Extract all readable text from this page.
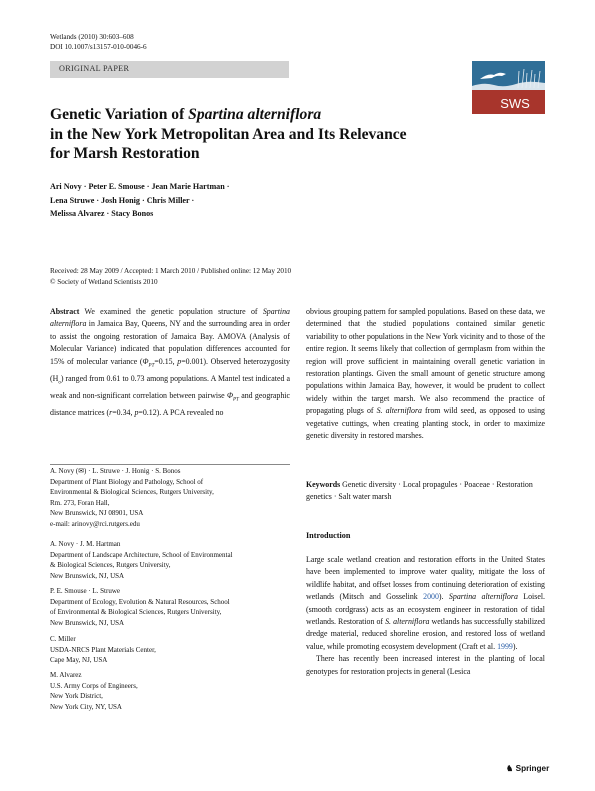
Wetlands (2010) 30:603–608
DOI 10.1007/s13157-010-0046-6
ORIGINAL PAPER
SWS
Genetic Variation of Spartina alterniflora
in the New York Metropolitan Area and Its Relevance
for Marsh Restoration
Ari Novy · Peter E. Smouse · Jean Marie Hartman ·
Lena Struwe · Josh Honig · Chris Miller ·
Melissa Alvarez · Stacy Bonos
Received: 28 May 2009 / Accepted: 1 March 2010 / Published online: 12 May 2010
© Society of Wetland Scientists 2010
Abstract We examined the genetic population structure of Spartina alterniflora in Jamaica Bay, Queens, NY and the surrounding area in order to assist the ongoing restoration of Jamaica Bay. AMOVA (Analysis of Molecular Variance) indicated that population differences accounted for 15% of molecular variance ($\Phi_{PT}=0.15$, p=0.001). Observed heterozygosity $(H_o)$ ranged from 0.61 to 0.73 among populations. A Mantel test indicated a weak and non-significant correlation between pairwise $\Phi_{PT}$ and geographic distance matrices (r=0.34, p=0.12). A PCA revealed no
obvious grouping pattern for sampled populations. Based on these data, we determined that the studied populations contained similar genetic variability to other populations in the New York vicinity and to those of the entire region. It seems likely that collection of germplasm from within the region will prove sufficient in maintaining overall genetic variation in restoration plantings. Given the small amount of genetic structure among populations within Jamaica Bay, however, it would be prudent to collect widely within the target marsh. We also recommend the practice of propagating plugs of S. alterniflora from wild seed, as opposed to using vegetative cuttings, when creating planting stock, in order to maximize genetic diversity in restored marshes.
A. Novy (✉) · L. Struwe · J. Honig · S. Bonos
Department of Plant Biology and Pathology, School of
Environmental & Biological Sciences, Rutgers University,
Rm. 273, Foran Hall,
New Brunswick, NJ 08901, USA
e-mail: arinovy@rci.rutgers.edu
A. Novy · J. M. Hartman
Department of Landscape Architecture, School of Environmental
& Biological Sciences, Rutgers University,
New Brunswick, NJ, USA
P. E. Smouse · L. Struwe
Department of Ecology, Evolution & Natural Resources, School
of Environmental & Biological Sciences, Rutgers University,
New Brunswick, NJ, USA
C. Miller
USDA-NRCS Plant Materials Center,
Cape May, NJ, USA
M. Alvarez
U.S. Army Corps of Engineers,
New York District,
New York City, NY, USA
Keywords Genetic diversity · Local propagules · Poaceae · Restoration genetics · Salt water marsh
Introduction

Large scale wetland creation and restoration efforts in the United States have been implemented to improve water quality, mitigate the loss of wildlife habitat, and offset losses from continuing deterioration of existing wetlands (Mitsch and Gosselink 2000). Spartina alterniflora Loisel. (smooth cordgrass) acts as an ecosystem engineer in restoration of tidal wetlands. Restoration of S. alterniflora wetlands has successfully stabilized dredge material, reduced shoreline erosion, and restored loss of wetland value, while promoting ecosystem development (Craft et al. 1999).

There has recently been increased interest in the planting of local genotypes for restoration projects in general (Lesica

♞ Springer
